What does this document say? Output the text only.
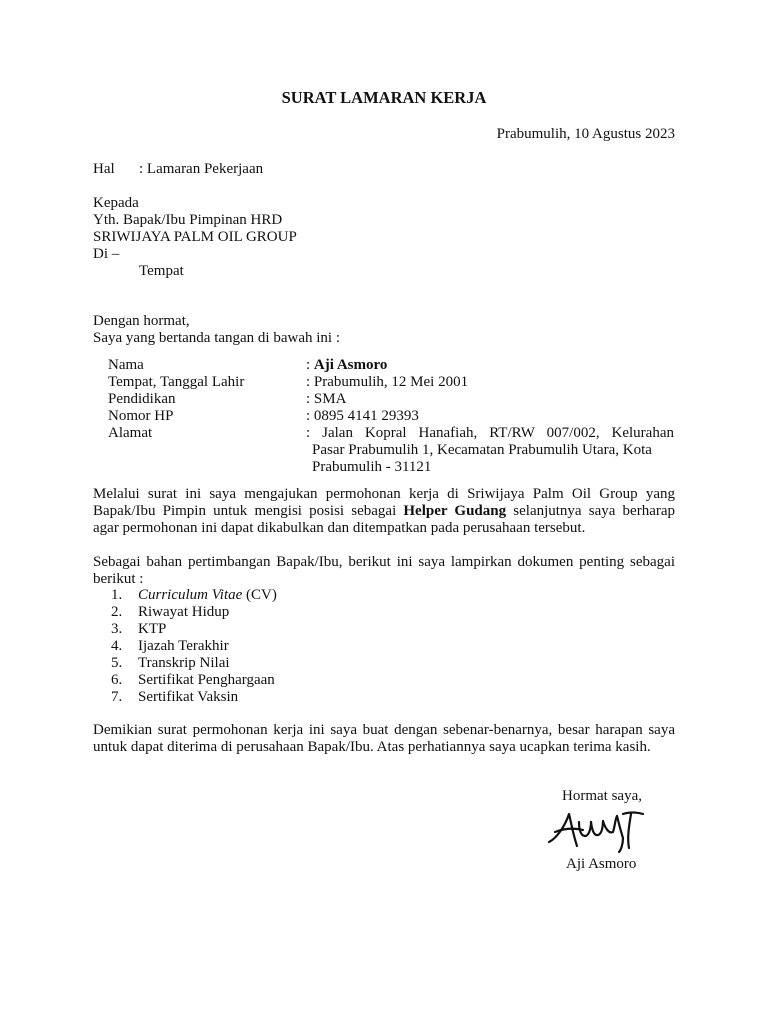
SURAT LAMARAN KERJA
Prabumulih, 10 Agustus 2023
Hal : Lamaran Pekerjaan
Kepada
Yth. Bapak/Ibu Pimpinan HRD
SRIWIJAYA PALM OIL GROUP
Di –
Tempat
Dengan hormat,
Saya yang bertanda tangan di bawah ini :
Nama	: Aji Asmoro
Tempat, Tanggal Lahir	: Prabumulih, 12 Mei 2001
Pendidikan	: SMA
Nomor HP	: 0895 4141 29393
Alamat	: Jalan Kopral Hanafiah, RT/RW 007/002, Kelurahan
Pasar Prabumulih 1, Kecamatan Prabumulih Utara, Kota
Prabumulih - 31121
Melalui surat ini saya mengajukan permohonan kerja di Sriwijaya Palm Oil Group yang
Bapak/Ibu Pimpin untuk mengisi posisi sebagai Helper Gudang selanjutnya saya berharap
agar permohonan ini dapat dikabulkan dan ditempatkan pada perusahaan tersebut.
Sebagai bahan pertimbangan Bapak/Ibu, berikut ini saya lampirkan dokumen penting sebagai
berikut :
1.	Curriculum Vitae (CV)
2.	Riwayat Hidup
3.	KTP
4.	Ijazah Terakhir
5.	Transkrip Nilai
6.	Sertifikat Penghargaan
7.	Sertifikat Vaksin
Demikian surat permohonan kerja ini saya buat dengan sebenar-benarnya, besar harapan saya
untuk dapat diterima di perusahaan Bapak/Ibu. Atas perhatiannya saya ucapkan terima kasih.
Hormat saya,
Aji Asmoro
